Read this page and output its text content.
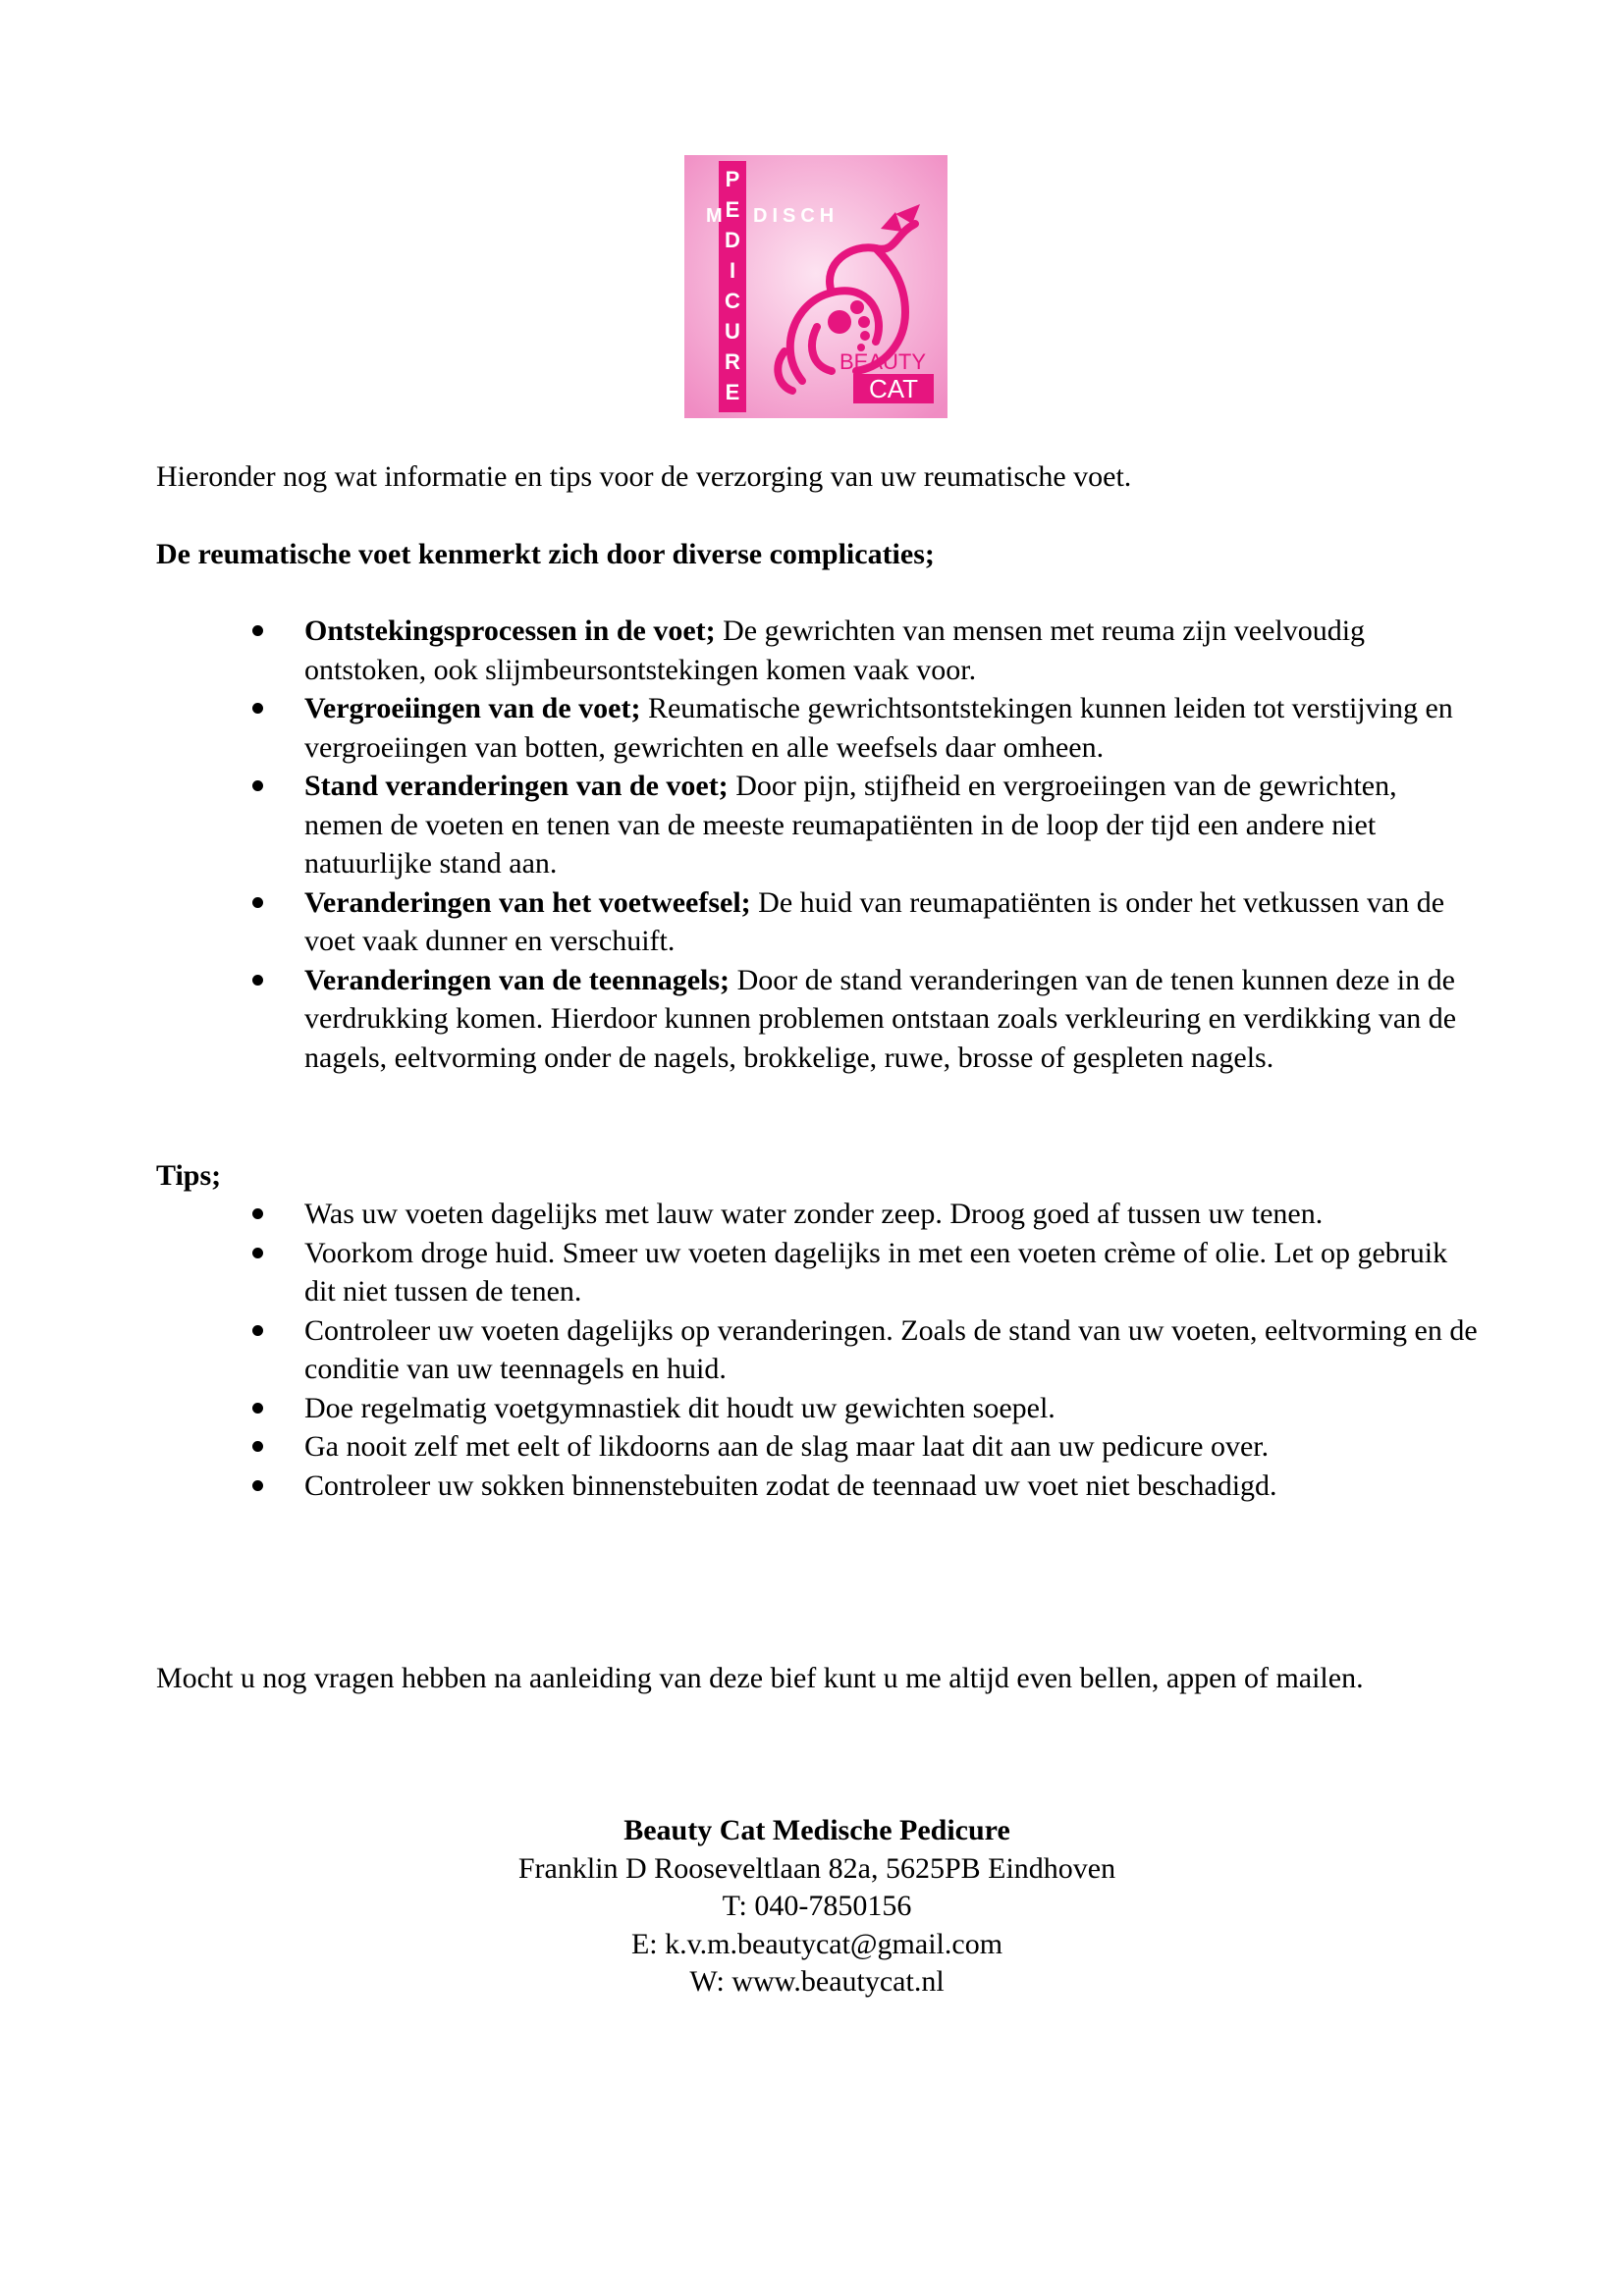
P
E
D
I
C
U
R
E
DISCH
M
BEAUTY
CAT

Hieronder nog wat informatie en tips voor de verzorging van uw reumatische voet.

De reumatische voet kenmerkt zich door diverse complicaties;

Ontstekingsprocessen in de voet; De gewrichten van mensen met reuma zijn veelvoudig ontstoken, ook slijmbeursontstekingen komen vaak voor.
Vergroeiingen van de voet; Reumatische gewrichtsontstekingen kunnen leiden tot verstijving en vergroeiingen van botten, gewrichten en alle weefsels daar omheen.
Stand veranderingen van de voet; Door pijn, stijfheid en vergroeiingen van de gewrichten, nemen de voeten en tenen van de meeste reumapatiënten in de loop der tijd een andere niet natuurlijke stand aan.
Veranderingen van het voetweefsel; De huid van reumapatiënten is onder het vetkussen van de voet vaak dunner en verschuift.
Veranderingen van de teennagels; Door de stand veranderingen van de tenen kunnen deze in de verdrukking komen. Hierdoor kunnen problemen ontstaan zoals verkleuring en verdikking van de nagels, eeltvorming onder de nagels, brokkelige, ruwe, brosse of gespleten nagels.

Tips;

Was uw voeten dagelijks met lauw water zonder zeep. Droog goed af tussen uw tenen.
Voorkom droge huid. Smeer uw voeten dagelijks in met een voeten crème of olie. Let op gebruik dit niet tussen de tenen.
Controleer uw voeten dagelijks op veranderingen. Zoals de stand van uw voeten, eeltvorming en de conditie van uw teennagels en huid.
Doe regelmatig voetgymnastiek dit houdt uw gewichten soepel.
Ga nooit zelf met eelt of likdoorns aan de slag maar laat dit aan uw pedicure over.
Controleer uw sokken binnenstebuiten zodat de teennaad uw voet niet beschadigd.

Mocht u nog vragen hebben na aanleiding van deze bief kunt u me altijd even bellen, appen of mailen.

Beauty Cat Medische Pedicure
Franklin D Rooseveltlaan 82a, 5625PB Eindhoven
T: 040-7850156
E: k.v.m.beautycat@gmail.com
W: www.beautycat.nl
